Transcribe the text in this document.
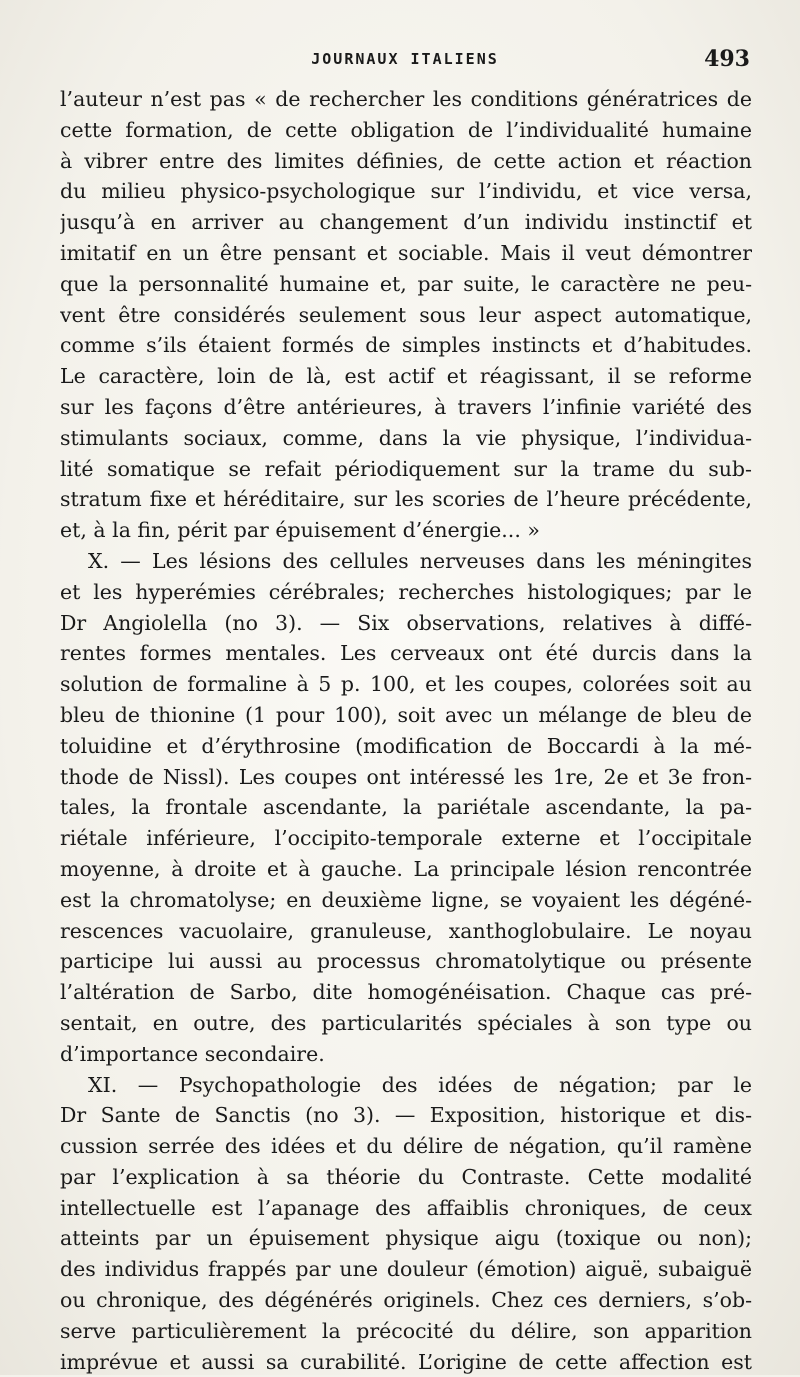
JOURNAUX ITALIENS	493
l’auteur n’est pas « de rechercher les conditions génératrices de
cette formation, de cette obligation de l’individualité humaine
à vibrer entre des limites définies, de cette action et réaction
du milieu physico-psychologique sur l’individu, et vice versa,
jusqu’à en arriver au changement d’un individu instinctif et
imitatif en un être pensant et sociable. Mais il veut démontrer
que la personnalité humaine et, par suite, le caractère ne peu-
vent être considérés seulement sous leur aspect automatique,
comme s’ils étaient formés de simples instincts et d’habitudes.
Le caractère, loin de là, est actif et réagissant, il se reforme
sur les façons d’être antérieures, à travers l’infinie variété des
stimulants sociaux, comme, dans la vie physique, l’individua-
lité somatique se refait périodiquement sur la trame du sub-
stratum fixe et héréditaire, sur les scories de l’heure précédente,
et, à la fin, périt par épuisement d’énergie... »
X. — Les lésions des cellules nerveuses dans les méningites
et les hyperémies cérébrales; recherches histologiques; par le
Dr Angiolella (no 3). — Six observations, relatives à diffé-
rentes formes mentales. Les cerveaux ont été durcis dans la
solution de formaline à 5 p. 100, et les coupes, colorées soit au
bleu de thionine (1 pour 100), soit avec un mélange de bleu de
toluidine et d’érythrosine (modification de Boccardi à la mé-
thode de Nissl). Les coupes ont intéressé les 1re, 2e et 3e fron-
tales, la frontale ascendante, la pariétale ascendante, la pa-
riétale inférieure, l’occipito-temporale externe et l’occipitale
moyenne, à droite et à gauche. La principale lésion rencontrée
est la chromatolyse; en deuxième ligne, se voyaient les dégéné-
rescences vacuolaire, granuleuse, xanthoglobulaire. Le noyau
participe lui aussi au processus chromatolytique ou présente
l’altération de Sarbo, dite homogénéisation. Chaque cas pré-
sentait, en outre, des particularités spéciales à son type ou
d’importance secondaire.
XI. — Psychopathologie des idées de négation; par le
Dr Sante de Sanctis (no 3). — Exposition, historique et dis-
cussion serrée des idées et du délire de négation, qu’il ramène
par l’explication à sa théorie du Contraste. Cette modalité
intellectuelle est l’apanage des affaiblis chroniques, de ceux
atteints par un épuisement physique aigu (toxique ou non);
des individus frappés par une douleur (émotion) aiguë, subaiguë
ou chronique, des dégénérés originels. Chez ces derniers, s’ob-
serve particulièrement la précocité du délire, son apparition
imprévue et aussi sa curabilité. L’origine de cette affection est
